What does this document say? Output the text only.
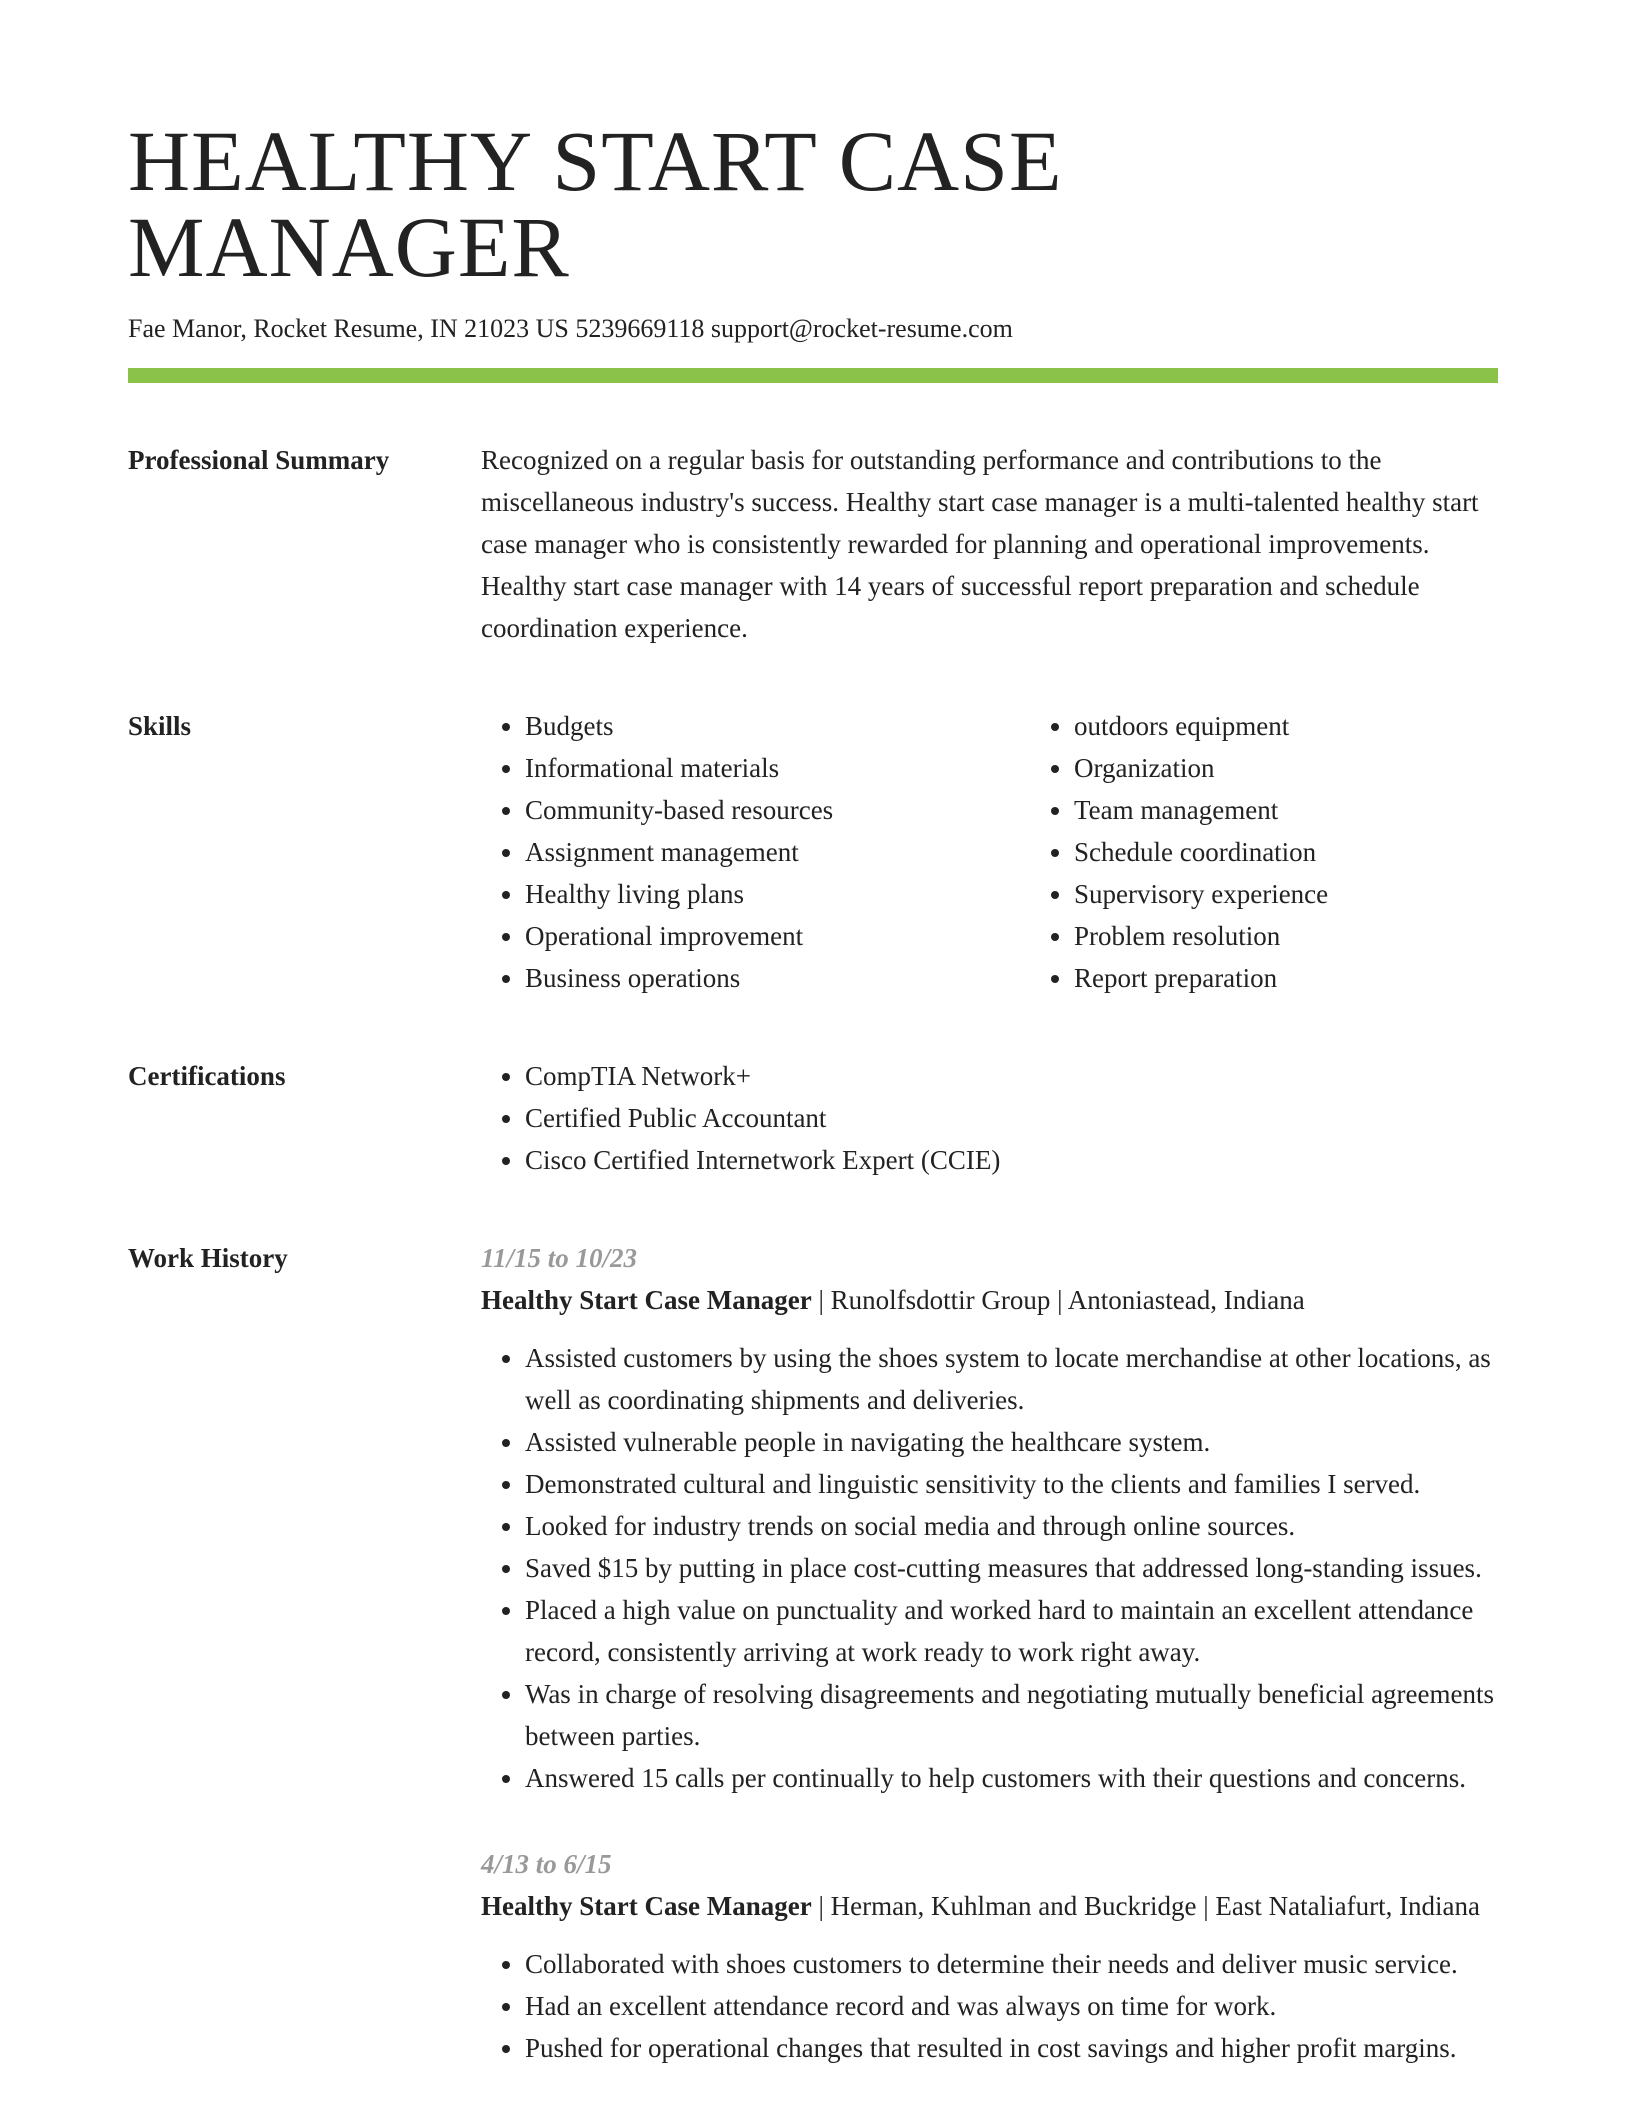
HEALTHY START CASE MANAGER
Fae Manor, Rocket Resume, IN 21023 US 5239669118 support@rocket-resume.com
Professional Summary	Recognized on a regular basis for outstanding performance and contributions to the miscellaneous industry's success. Healthy start case manager is a multi-talented healthy start case manager who is consistently rewarded for planning and operational improvements. Healthy start case manager with 14 years of successful report preparation and schedule coordination experience.

Skills	• Budgets
• Informational materials
• Community-based resources
• Assignment management
• Healthy living plans
• Operational improvement
• Business operations
• outdoors equipment
• Organization
• Team management
• Schedule coordination
• Supervisory experience
• Problem resolution
• Report preparation
Certifications	• CompTIA Network+
• Certified Public Accountant
• Cisco Certified Internetwork Expert (CCIE)
Work History	11/15 to 10/23
Healthy Start Case Manager | Runolfsdottir Group | Antoniastead, Indiana
• Assisted customers by using the shoes system to locate merchandise at other locations, as well as coordinating shipments and deliveries.
• Assisted vulnerable people in navigating the healthcare system.
• Demonstrated cultural and linguistic sensitivity to the clients and families I served.
• Looked for industry trends on social media and through online sources.
• Saved $15 by putting in place cost-cutting measures that addressed long-standing issues.
• Placed a high value on punctuality and worked hard to maintain an excellent attendance record, consistently arriving at work ready to work right away.
• Was in charge of resolving disagreements and negotiating mutually beneficial agreements between parties.
• Answered 15 calls per continually to help customers with their questions and concerns.
4/13 to 6/15
Healthy Start Case Manager | Herman, Kuhlman and Buckridge | East Nataliafurt, Indiana
• Collaborated with shoes customers to determine their needs and deliver music service.
• Had an excellent attendance record and was always on time for work.
• Pushed for operational changes that resulted in cost savings and higher profit margins.
